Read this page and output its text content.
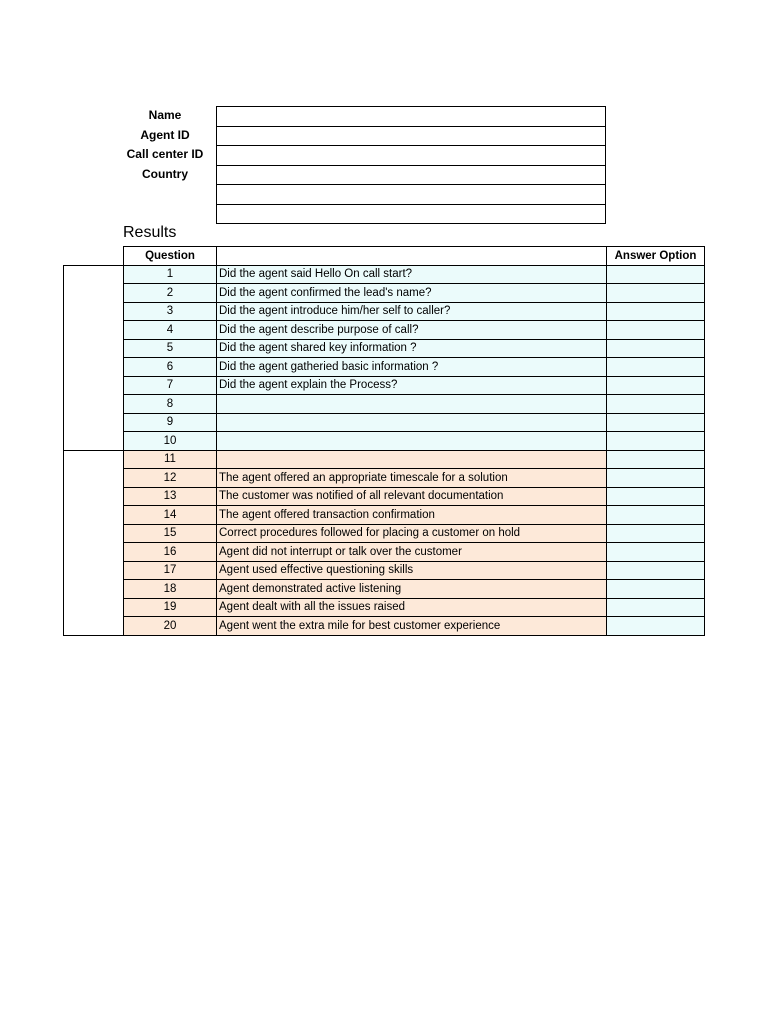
Name
Agent ID
Call center ID
Country
Results
	Question		Answer Option
	1	Did the agent said Hello On call start?	
	2	Did the agent confirmed the lead's name?	
	3	Did the agent introduce him/her self to caller?	
	4	Did the agent describe purpose of call?	
	5	Did the agent shared key information ?	
	6	Did the agent gatheried basic information ?	
	7	Did the agent explain the Process?	
	8		
	9		
	10		
	11		
	12	The agent offered an appropriate timescale for a solution	
	13	The customer was notified of all relevant documentation	
	14	The agent offered transaction confirmation	
	15	Correct procedures followed for placing a customer on hold	
	16	Agent did not interrupt or talk over the customer	
	17	Agent used effective questioning skills	
	18	Agent demonstrated active listening	
	19	Agent dealt with all the issues raised	
	20	Agent went the extra mile for best customer experience	
